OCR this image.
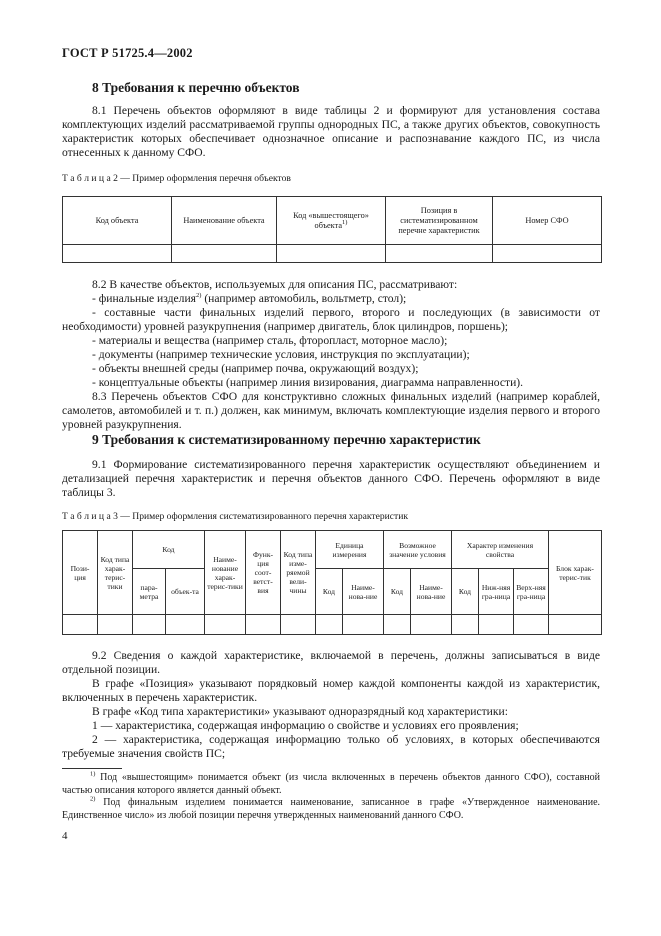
ГОСТ Р 51725.4—2002
8 Требования к перечню объектов
8.1 Перечень объектов оформляют в виде таблицы 2 и формируют для установления состава комплектующих изделий рассматриваемой группы однородных ПС, а также других объектов, совокупность характеристик которых обеспечивает однозначное описание и распознавание каждого ПС, из числа отнесенных к данному СФО.
Т а б л и ц а 2 — Пример оформления перечня объектов
Код объекта	Наименование объекта	Код «вышестоящего» объекта$^{1)}$	Позиция в систематизированном перечне характеристик	Номер СФО

8.2 В качестве объектов, используемых для описания ПС, рассматривают:
- финальные изделия$^{2)}$ (например автомобиль, вольтметр, стол);
- составные части финальных изделий первого, второго и последующих (в зависимости от необходимости) уровней разукрупнения (например двигатель, блок цилиндров, поршень);
- материалы и вещества (например сталь, фторопласт, моторное масло);
- документы (например технические условия, инструкция по эксплуатации);
- объекты внешней среды (например почва, окружающий воздух);
- концептуальные объекты (например линия визирования, диаграмма направленности).
8.3 Перечень объектов СФО для конструктивно сложных финальных изделий (например кораблей, самолетов, автомобилей и т. п.) должен, как минимум, включать комплектующие изделия первого и второго уровней разукрупнения.
9 Требования к систематизированному перечню характеристик
9.1 Формирование систематизированного перечня характеристик осуществляют объединением и детализацией перечня характеристик и перечня объектов данного СФО. Перечень оформляют в виде таблицы 3.
Т а б л и ц а 3 — Пример оформления систематизированного перечня характеристик
Пози-ция	Код типа харак-терис-тики	Код		Наиме-нование харак-терис-тики	Функ-ция соот-ветст-вия	Код типа изме-ряемой вели-чины	Единица измерения		Возможное значение условия		Характер изменения свойства			Блок харак-терис-тик
		пара-метра	объек-та				Код	Наиме-нова-ние	Код	Наиме-нова-ние	Код	Ниж-няя гра-ница	Верх-няя гра-ница	

9.2 Сведения о каждой характеристике, включаемой в перечень, должны записываться в виде отдельной позиции.
В графе «Позиция» указывают порядковый номер каждой компоненты каждой из характеристик, включенных в перечень характеристик.
В графе «Код типа характеристики» указывают одноразрядный код характеристики:
1 — характеристика, содержащая информацию о свойстве и условиях его проявления;
2 — характеристика, содержащая информацию только об условиях, в которых обеспечиваются требуемые значения свойств ПС;
$^{1)}$ Под «вышестоящим» понимается объект (из числа включенных в перечень объектов данного СФО), составной частью описания которого является данный объект.
$^{2)}$ Под финальным изделием понимается наименование, записанное в графе «Утвержденное наименование. Единственное число» из любой позиции перечня утвержденных наименований данного СФО.
4
